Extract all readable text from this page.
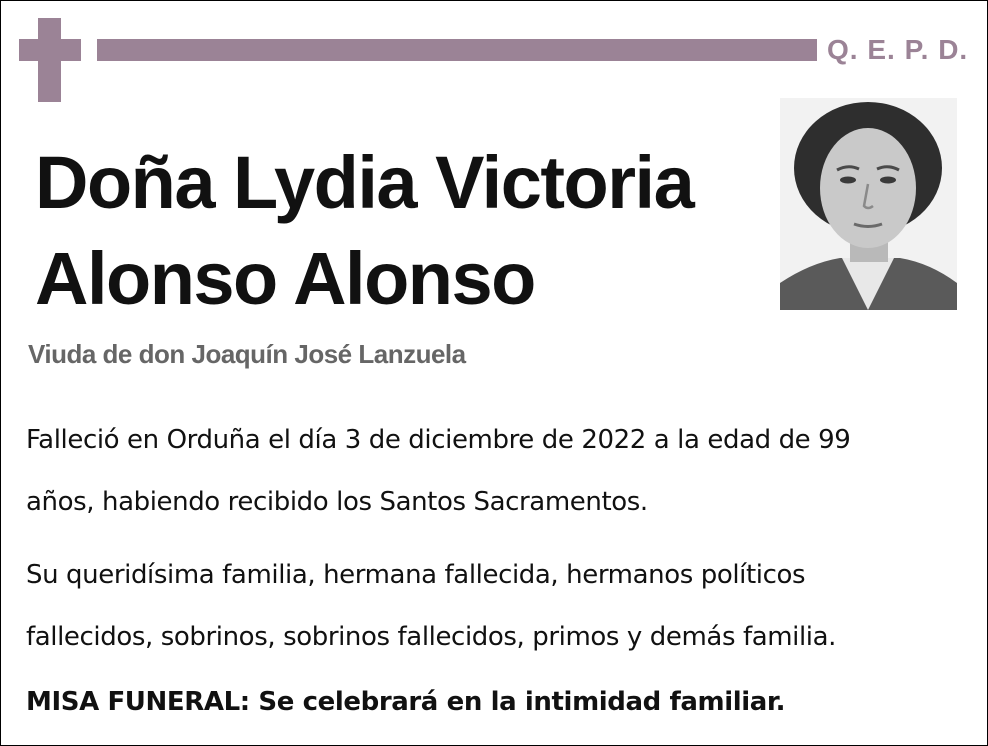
Q. E. P. D.
Doña Lydia Victoria
Alonso Alonso
Viuda de don Joaquín José Lanzuela

Falleció en Orduña el día 3 de diciembre de 2022 a la edad de 99
años, habiendo recibido los Santos Sacramentos.

Su queridísima familia, hermana fallecida, hermanos políticos
fallecidos, sobrinos, sobrinos fallecidos, primos y demás familia.

MISA FUNERAL: Se celebrará en la intimidad familiar.
